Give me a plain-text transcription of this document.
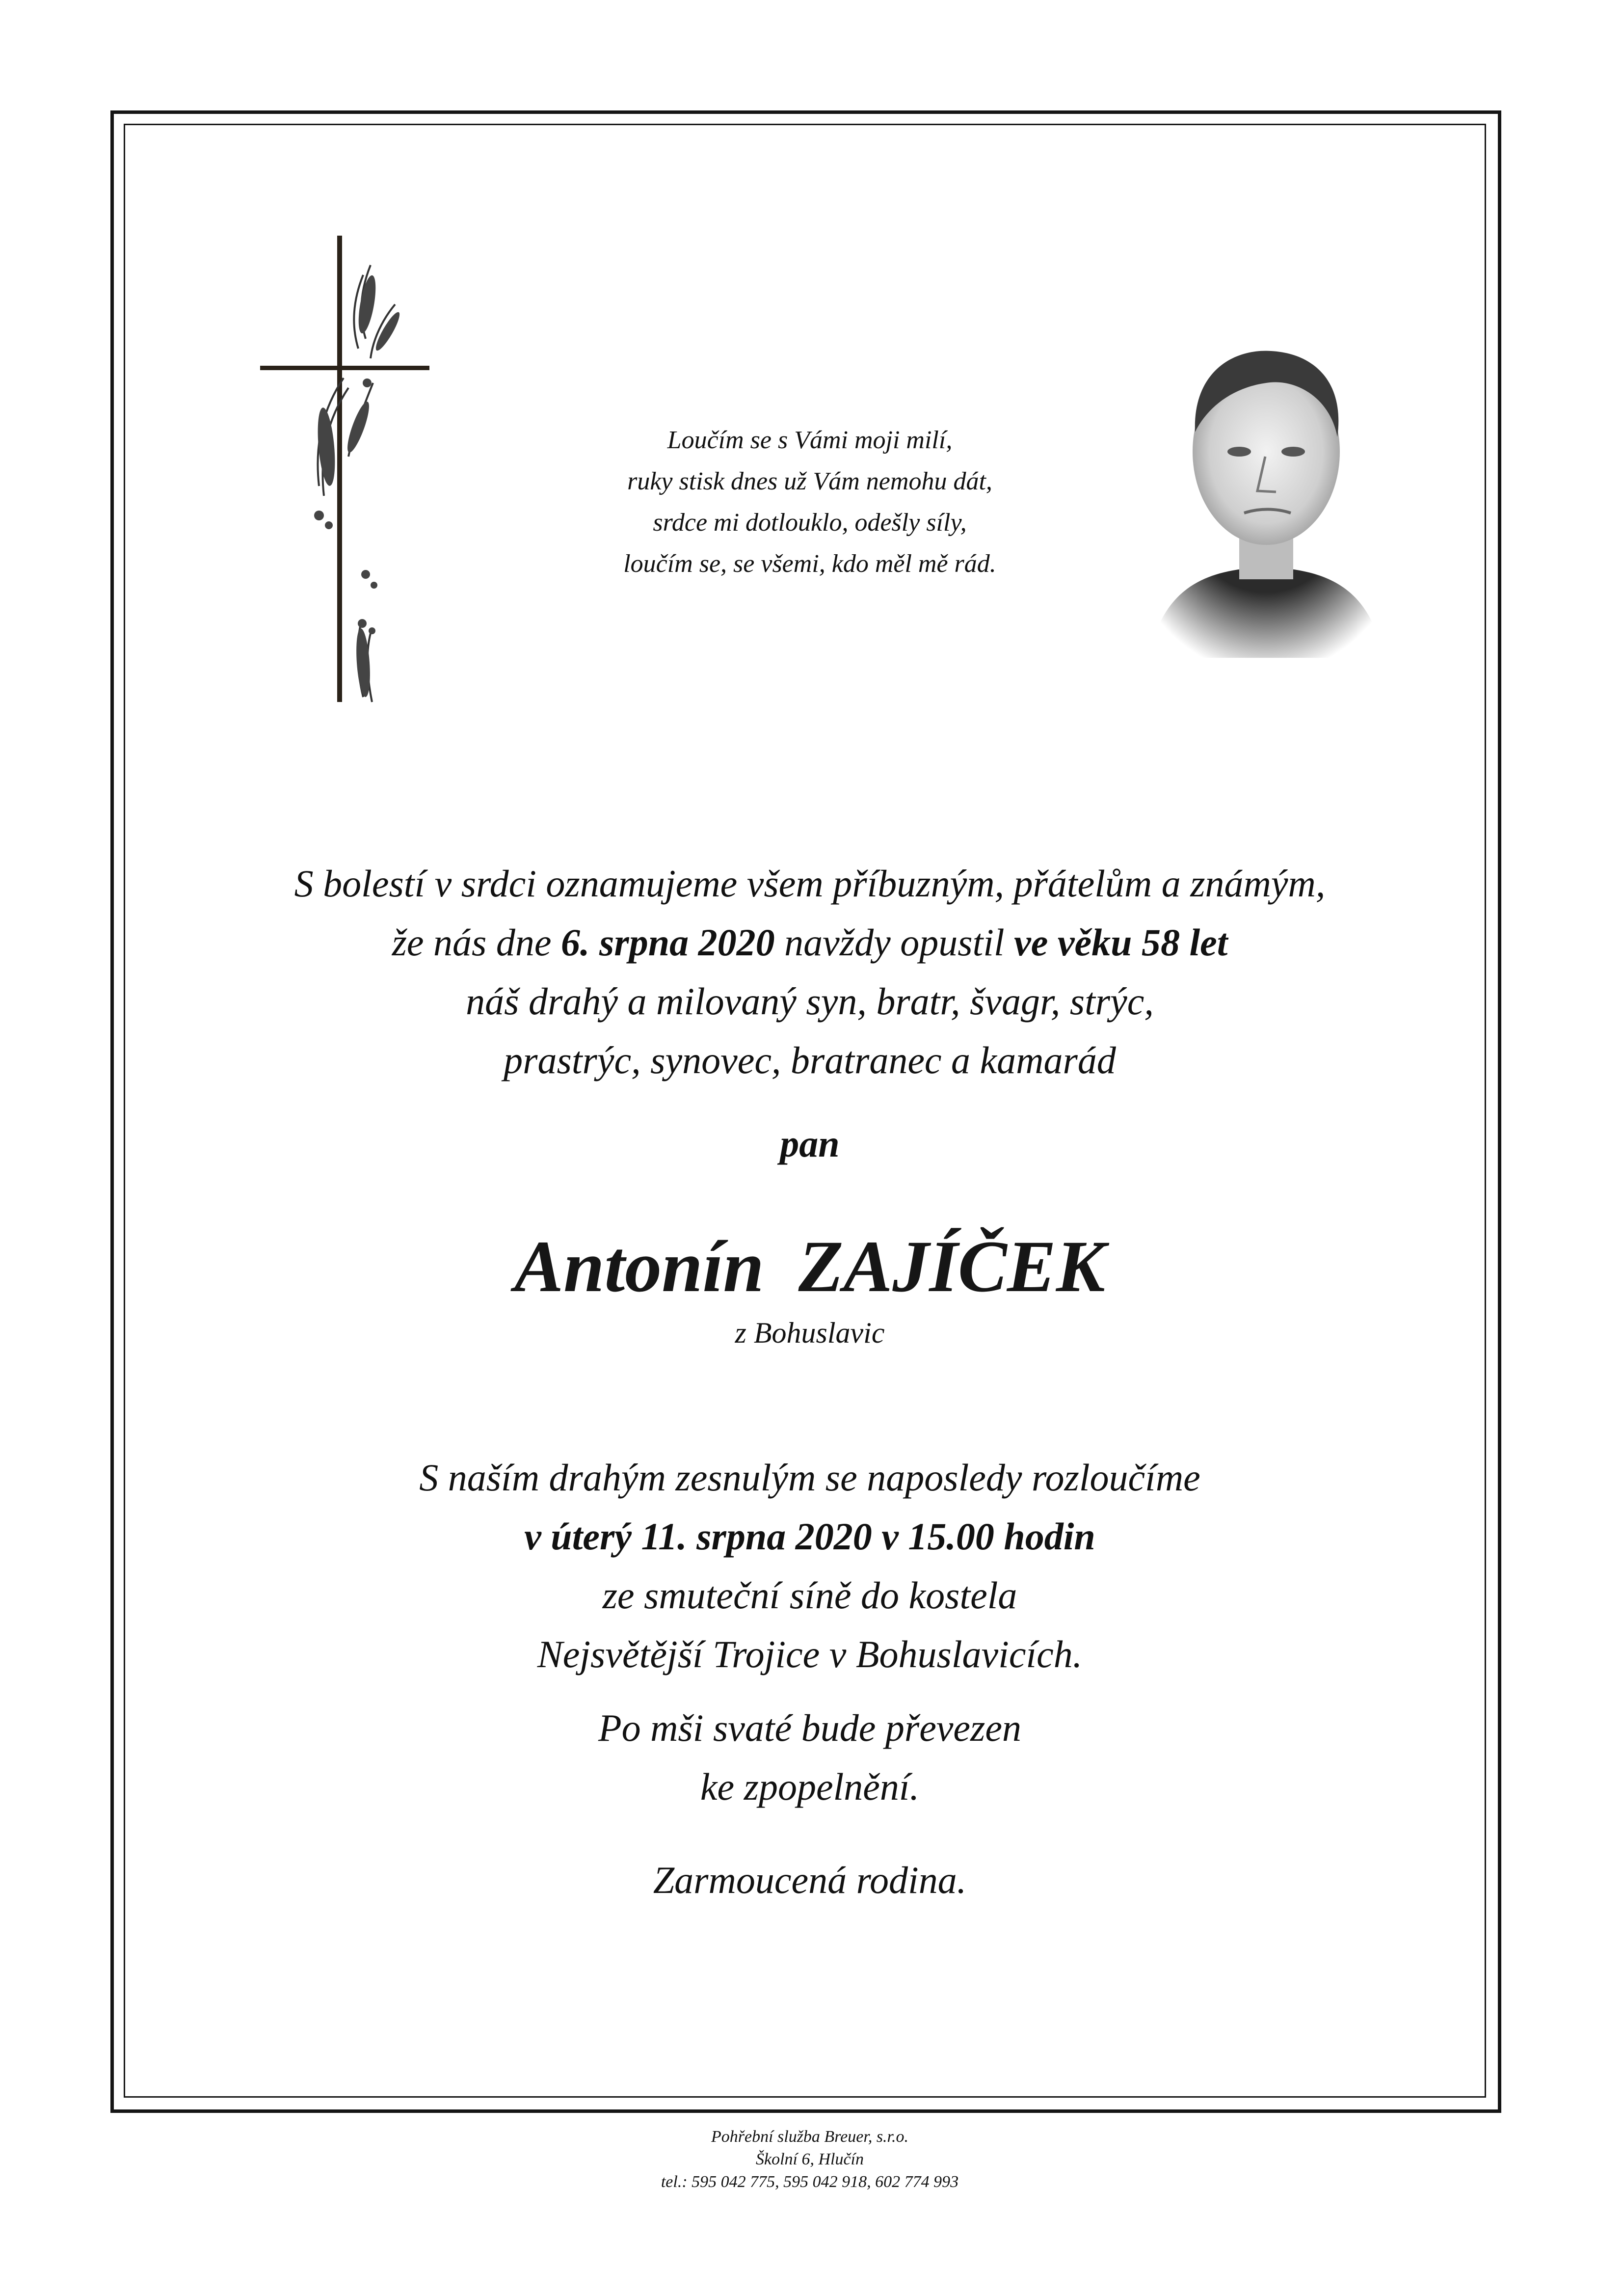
Loučím se s Vámi moji milí,
ruky stisk dnes už Vám nemohu dát,
srdce mi dotlouklo, odešly síly,
loučím se, se všemi, kdo měl mě rád.
S bolestí v srdci oznamujeme všem příbuzným, přátelům a známým,
že nás dne 6. srpna 2020 navždy opustil ve věku 58 let
náš drahý a milovaný syn, bratr, švagr, strýc,
prastrýc, synovec, bratranec a kamarád
pan
Antonín ZAJÍČEK
z Bohuslavic
S naším drahým zesnulým se naposledy rozloučíme
v úterý 11. srpna 2020 v 15.00 hodin
ze smuteční síně do kostela
Nejsvětější Trojice v Bohuslavicích.
Po mši svaté bude převezen
ke zpopelnění.
Zarmoucená rodina.
Pohřební služba Breuer, s.r.o.
Školní 6, Hlučín
tel.: 595 042 775, 595 042 918, 602 774 993
